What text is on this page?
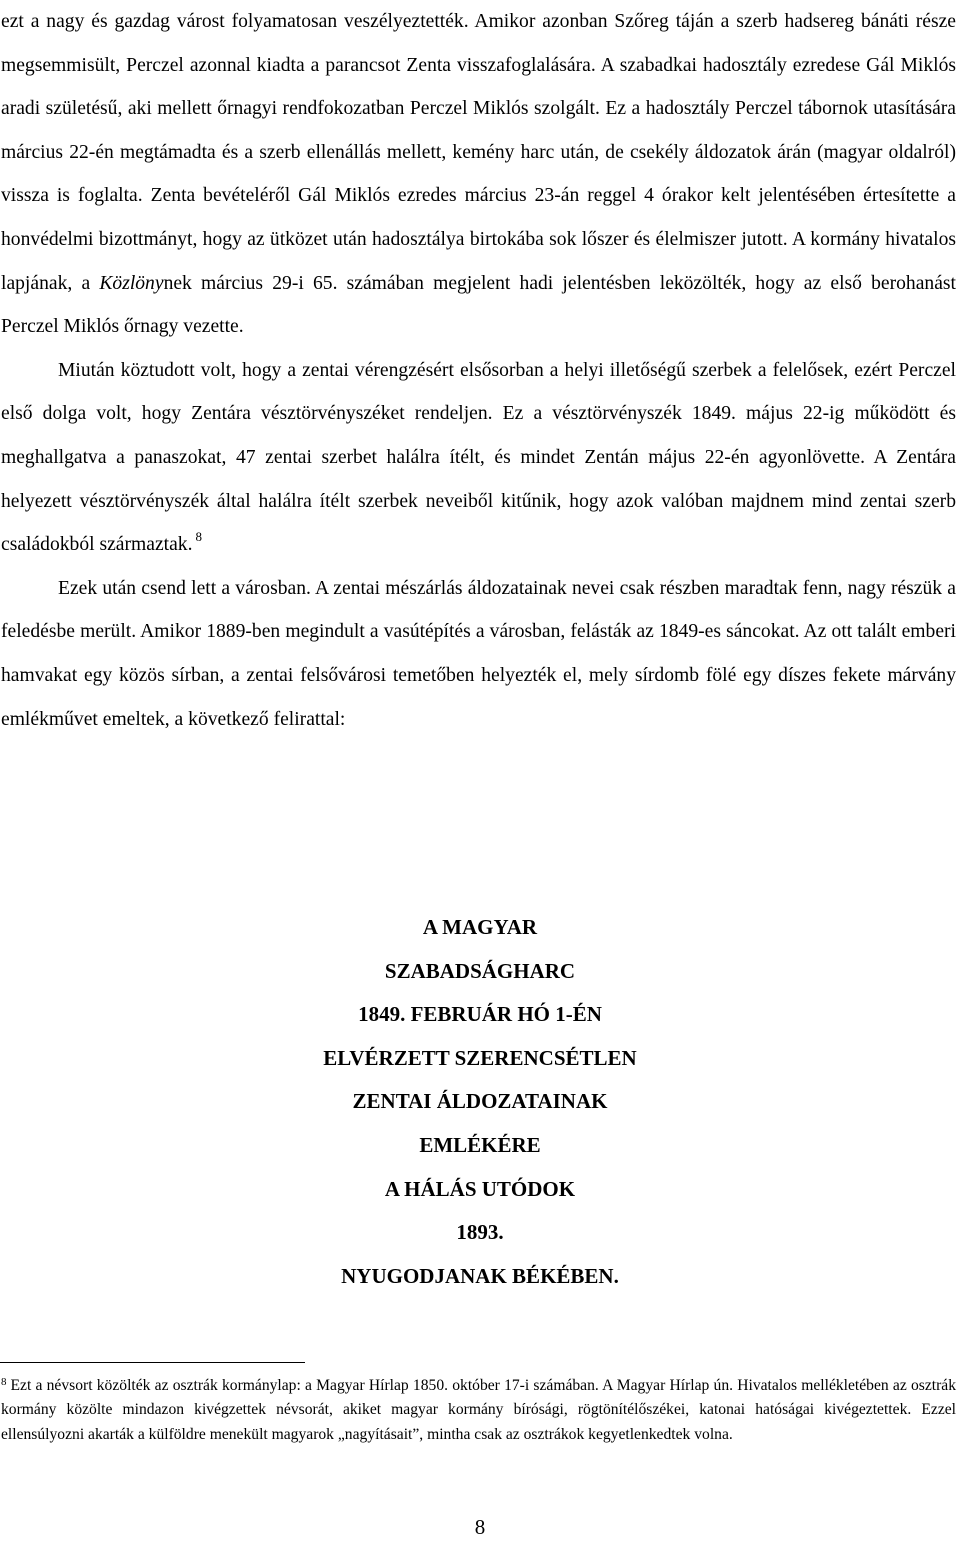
ezt a nagy és gazdag várost folyamatosan veszélyeztették. Amikor azonban Szőreg táján a szerb hadsereg bánáti része megsemmisült, Perczel azonnal kiadta a parancsot Zenta visszafoglalására. A szabadkai hadosztály ezredese Gál Miklós aradi születésű, aki mellett őrnagyi rendfokozatban Perczel Miklós szolgált. Ez a hadosztály Perczel tábornok utasítására március 22-én megtámadta és a szerb ellenállás mellett, kemény harc után, de csekély áldozatok árán (magyar oldalról) vissza is foglalta. Zenta bevételéről Gál Miklós ezredes március 23-án reggel 4 órakor kelt jelentésében értesítette a honvédelmi bizottmányt, hogy az ütközet után hadosztálya birtokába sok lőszer és élelmiszer jutott. A kormány hivatalos lapjának, a Közlönynek március 29-i 65. számában megjelent hadi jelentésben leközölték, hogy az első berohanást Perczel Miklós őrnagy vezette.

Miután köztudott volt, hogy a zentai vérengzésért elsősorban a helyi illetőségű szerbek a felelősek, ezért Perczel első dolga volt, hogy Zentára vésztörvényszéket rendeljen. Ez a vésztörvényszék 1849. május 22-ig működött és meghallgatva a panaszokat, 47 zentai szerbet halálra ítélt, és mindet Zentán május 22-én agyonlövette. A Zentára helyezett vésztörvényszék által halálra ítélt szerbek neveiből kitűnik, hogy azok valóban majdnem mind zentai szerb családokból származtak. $^8$

Ezek után csend lett a városban. A zentai mészárlás áldozatainak nevei csak részben maradtak fenn, nagy részük a feledésbe merült. Amikor 1889-ben megindult a vasútépítés a városban, felásták az 1849-es sáncokat. Az ott talált emberi hamvakat egy közös sírban, a zentai felsővárosi temetőben helyezték el, mely sírdomb fölé egy díszes fekete márvány emlékművet emeltek, a következő felirattal:

A MAGYAR
SZABADSÁGHARC
1849. FEBRUÁR HÓ 1-ÉN
ELVÉRZETT SZERENCSÉTLEN
ZENTAI ÁLDOZATAINAK
EMLÉKÉRE
A HÁLÁS UTÓDOK
1893.
NYUGODJANAK BÉKÉBEN.

$^8$ Ezt a névsort közölték az osztrák kormánylap: a Magyar Hírlap 1850. október 17-i számában. A Magyar Hírlap ún. Hivatalos mellékletében az osztrák kormány közölte mindazon kivégzettek névsorát, akiket magyar kormány bírósági, rögtönítélőszékei, katonai hatóságai kivégeztettek. Ezzel ellensúlyozni akarták a külföldre menekült magyarok „nagyításait”, mintha csak az osztrákok kegyetlenkedtek volna.

8
